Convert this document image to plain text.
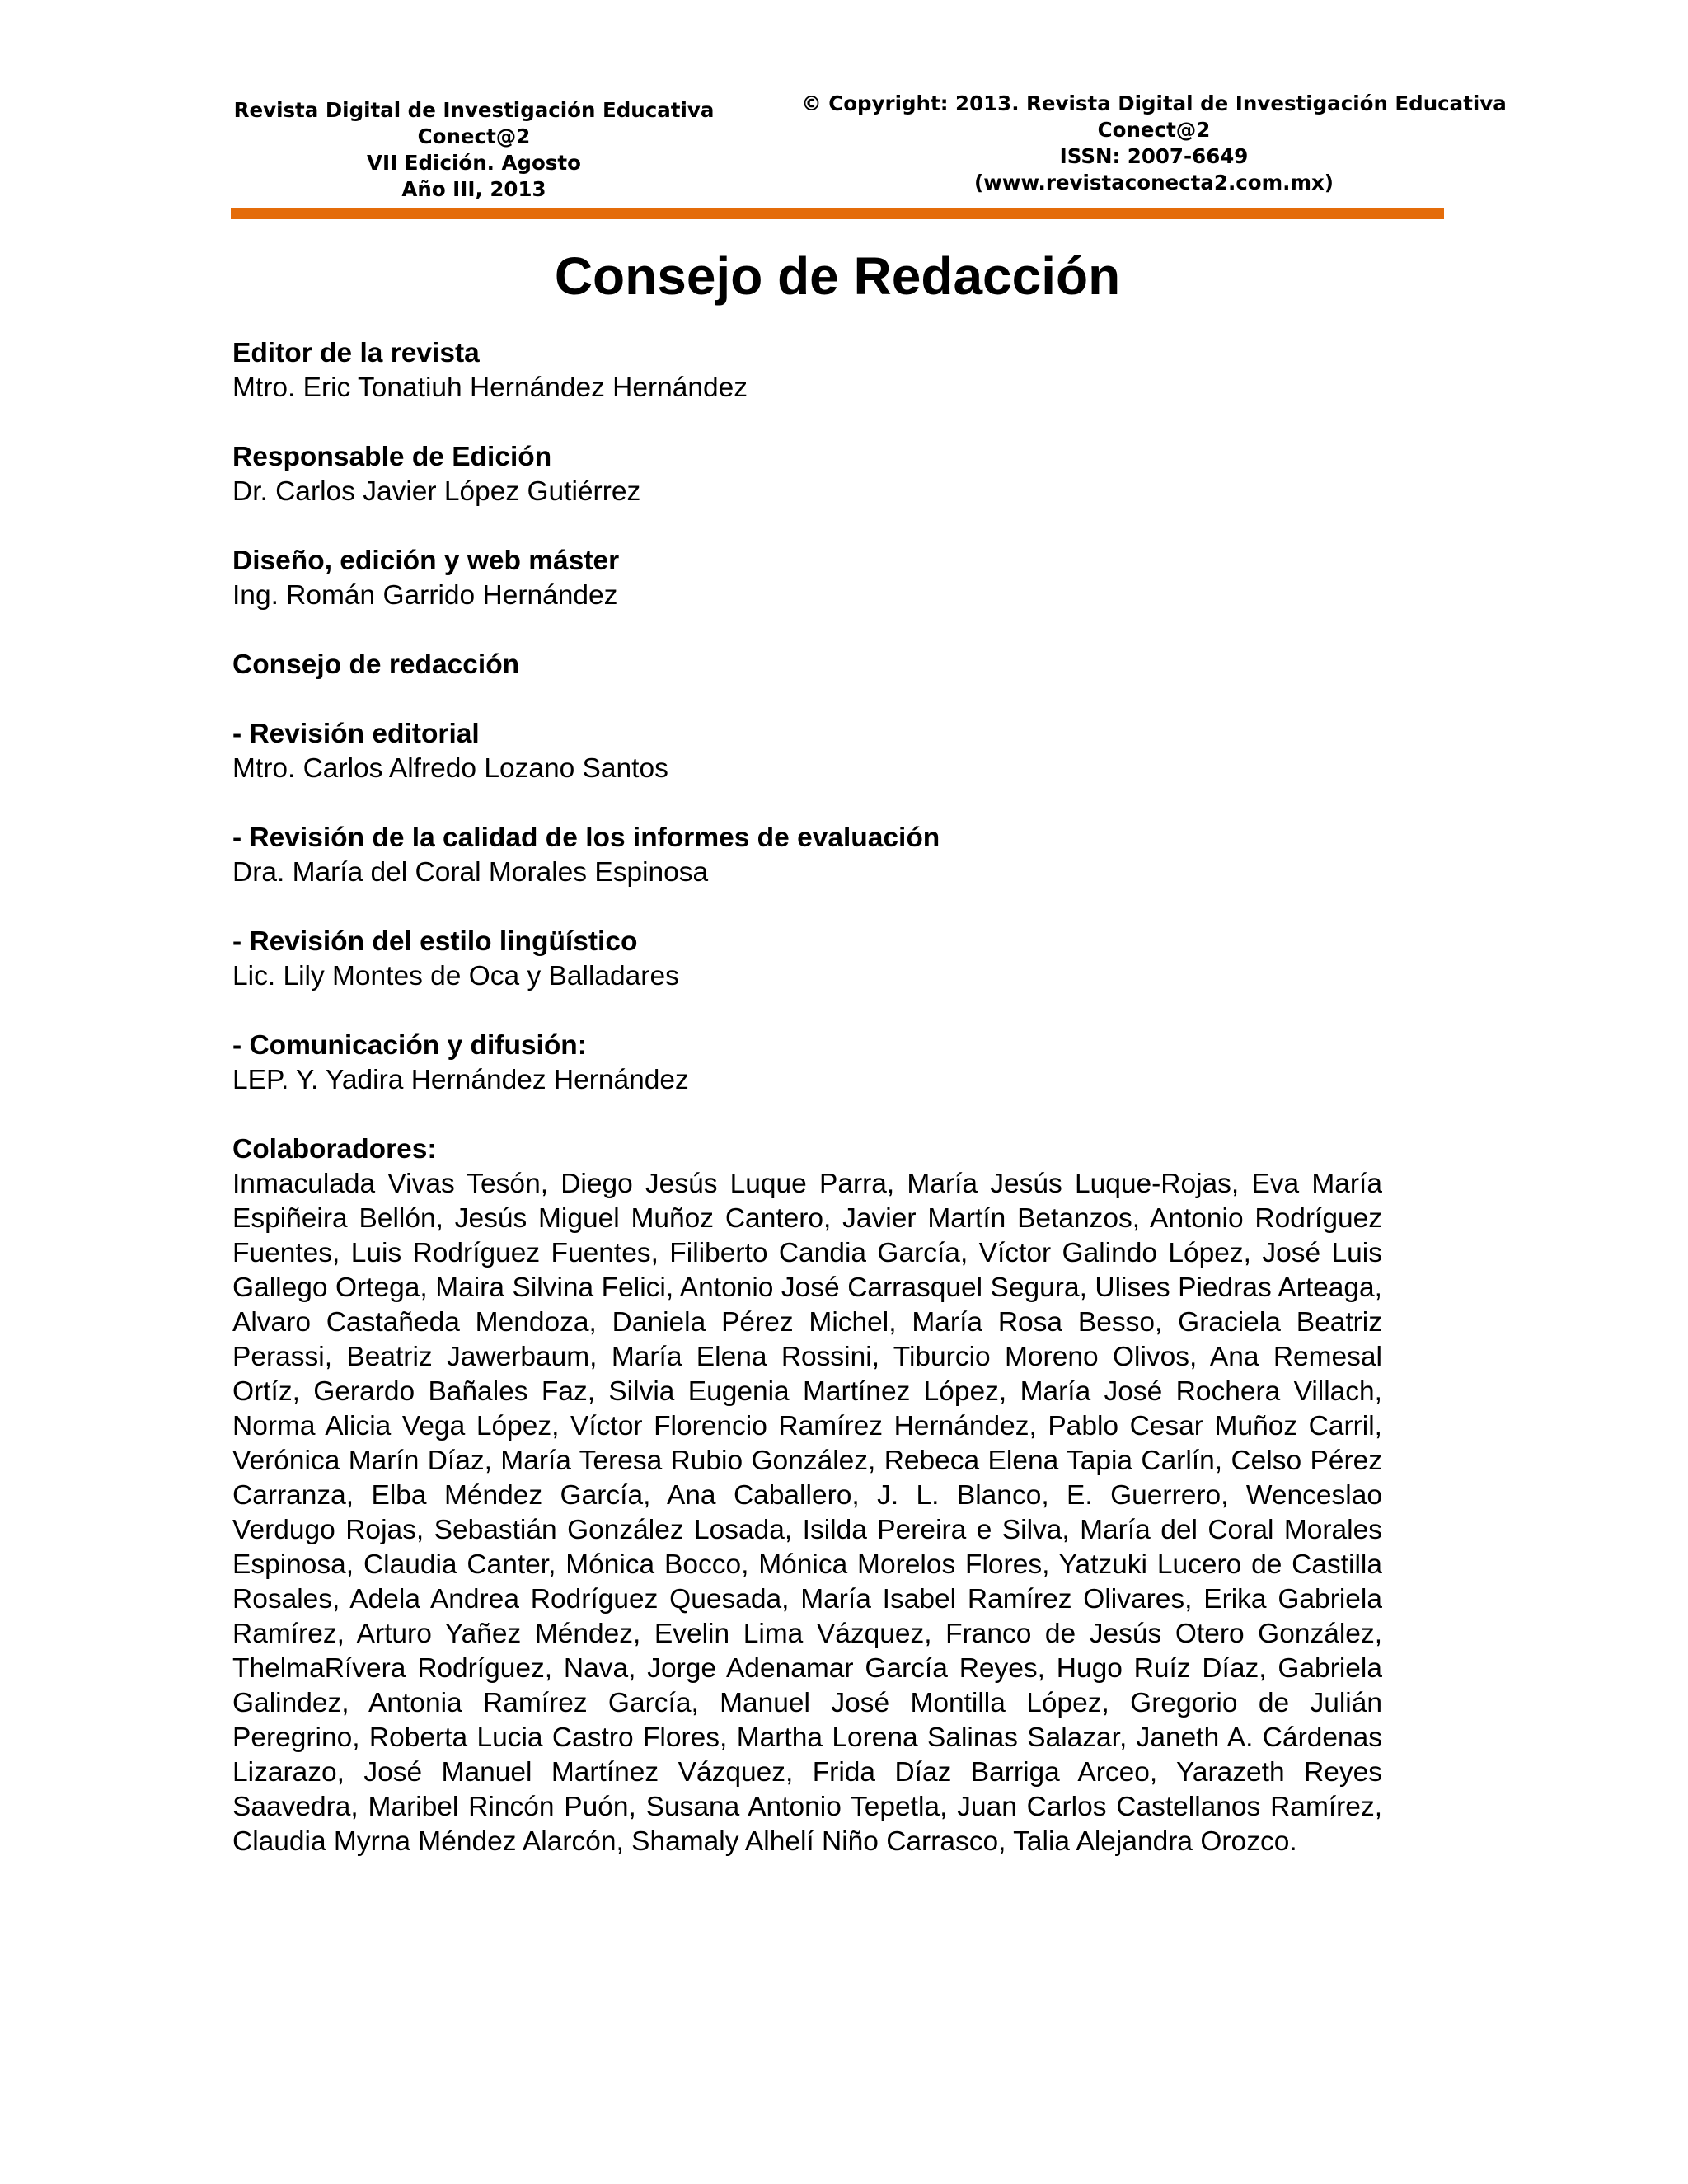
Revista Digital de Investigación Educativa
Conect@2
VII Edición. Agosto
Año III, 2013
© Copyright: 2013. Revista Digital de Investigación Educativa
Conect@2
ISSN: 2007-6649
(www.revistaconecta2.com.mx)
Consejo de Redacción
Editor de la revista
Mtro. Eric Tonatiuh Hernández Hernández
Responsable de Edición
Dr. Carlos Javier López Gutiérrez
Diseño, edición y web máster
Ing. Román Garrido Hernández
Consejo de redacción
- Revisión editorial
Mtro. Carlos Alfredo Lozano Santos
- Revisión de la calidad de los informes de evaluación
Dra. María del Coral Morales Espinosa
- Revisión del estilo lingüístico
Lic. Lily Montes de Oca y Balladares
- Comunicación y difusión:
LEP. Y. Yadira Hernández Hernández
Colaboradores:
Inmaculada Vivas Tesón, Diego Jesús Luque Parra, María Jesús Luque-Rojas, Eva María Espiñeira Bellón, Jesús Miguel Muñoz Cantero, Javier Martín Betanzos, Antonio Rodríguez Fuentes, Luis Rodríguez Fuentes, Filiberto Candia García, Víctor Galindo López, José Luis Gallego Ortega, Maira Silvina Felici, Antonio José Carrasquel Segura, Ulises Piedras Arteaga, Alvaro Castañeda Mendoza, Daniela Pérez Michel, María Rosa Besso, Graciela Beatriz Perassi, Beatriz Jawerbaum, María Elena Rossini, Tiburcio Moreno Olivos, Ana Remesal Ortíz, Gerardo Bañales Faz, Silvia Eugenia Martínez López, María José Rochera Villach, Norma Alicia Vega López, Víctor Florencio Ramírez Hernández, Pablo Cesar Muñoz Carril, Verónica Marín Díaz, María Teresa Rubio González, Rebeca Elena Tapia Carlín, Celso Pérez Carranza, Elba Méndez García, Ana Caballero, J. L. Blanco, E. Guerrero, Wenceslao Verdugo Rojas, Sebastián González Losada, Isilda Pereira e Silva, María del Coral Morales Espinosa, Claudia Canter, Mónica Bocco, Mónica Morelos Flores, Yatzuki Lucero de Castilla Rosales, Adela Andrea Rodríguez Quesada, María Isabel Ramírez Olivares, Erika Gabriela Ramírez, Arturo Yañez Méndez, Evelin Lima Vázquez, Franco de Jesús Otero González, ThelmaRívera Rodríguez, Nava, Jorge Adenamar García Reyes, Hugo Ruíz Díaz, Gabriela Galindez, Antonia Ramírez García, Manuel José Montilla López, Gregorio de Julián Peregrino, Roberta Lucia Castro Flores, Martha Lorena Salinas Salazar, Janeth A. Cárdenas Lizarazo, José Manuel Martínez Vázquez, Frida Díaz Barriga Arceo, Yarazeth Reyes Saavedra, Maribel Rincón Puón, Susana Antonio Tepetla, Juan Carlos Castellanos Ramírez, Claudia Myrna Méndez Alarcón, Shamaly Alhelí Niño Carrasco, Talia Alejandra Orozco.
